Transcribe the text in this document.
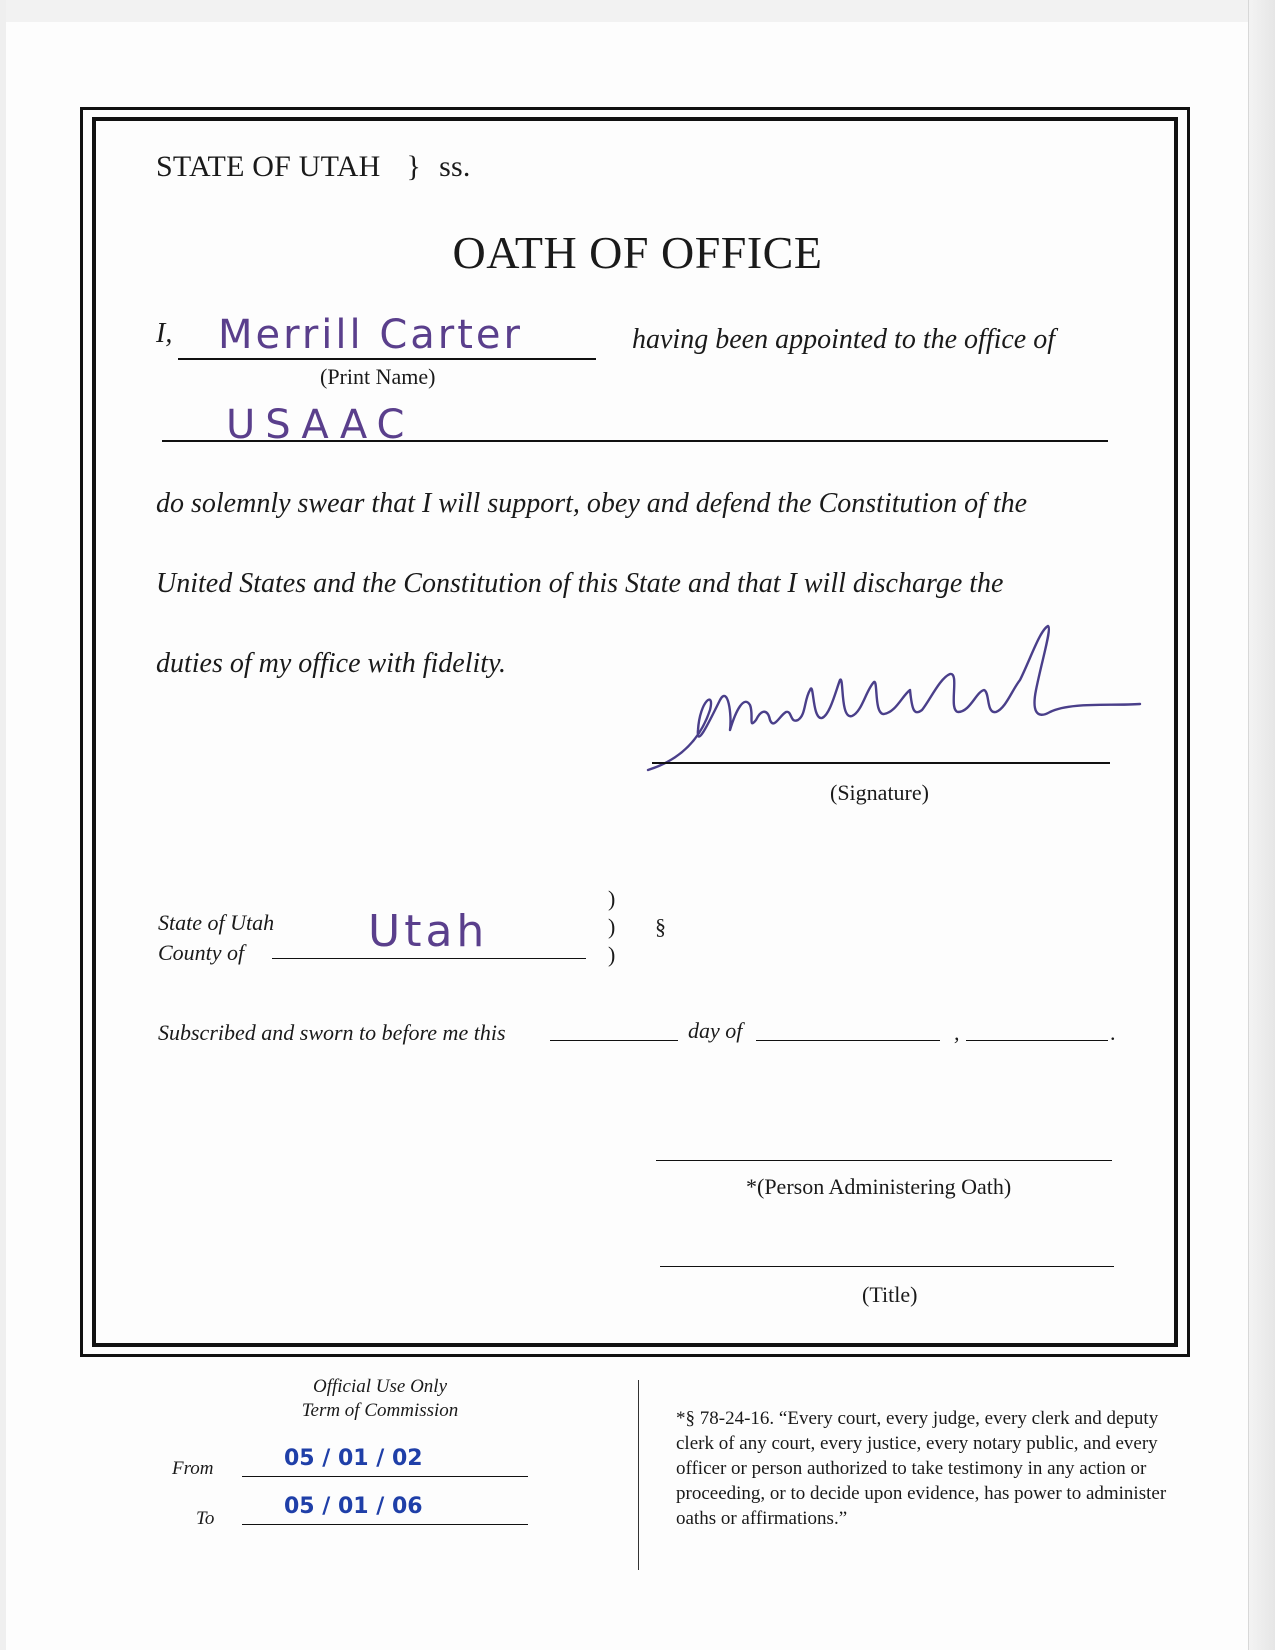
STATE OF UTAH } ss.
OATH OF OFFICE
I, Merrill Carter
(Print Name)
having been appointed to the office of
USAAC
do solemnly swear that I will support, obey and defend the Constitution of the
United States and the Constitution of this State and that I will discharge the
duties of my office with fidelity.
(Signature)
State of Utah
County of	Utah
)
)
)
§
Subscribed and sworn to before me this	day of	,	.
*(Person Administering Oath)
(Title)
Official Use Only
Term of Commission
From	05 / 01 / 02
To	05 / 01 / 06
*§ 78-24-16. “Every court, every judge, every clerk and deputy clerk of any court, every justice, every notary public, and every officer or person authorized to take testimony in any action or proceeding, or to decide upon evidence, has power to administer oaths or affirmations.”
